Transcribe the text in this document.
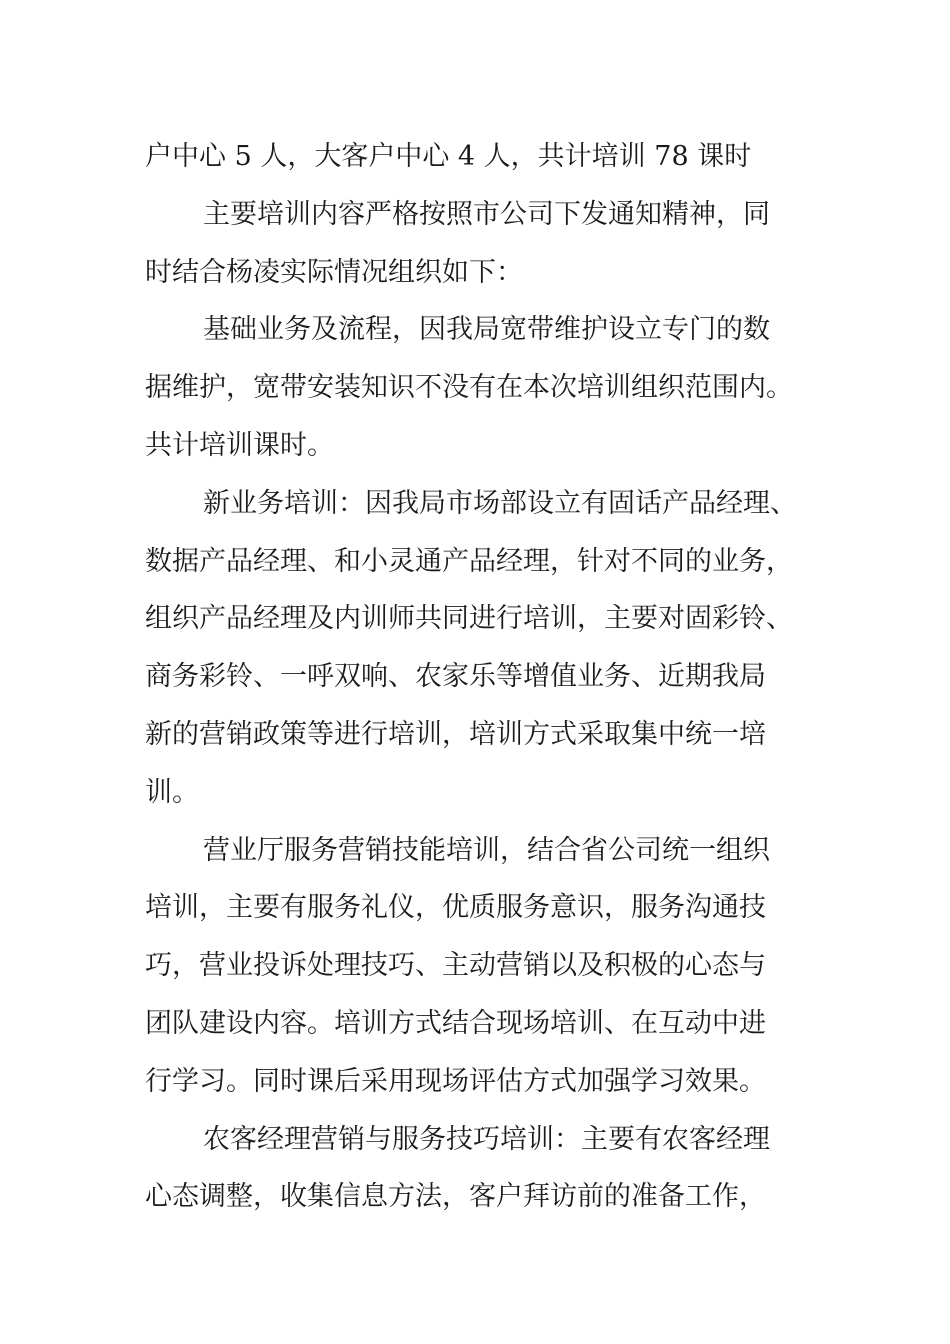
户中心 5 人，大客户中心 4 人，共计培训 78 课时
主要培训内容严格按照市公司下发通知精神，同
时结合杨凌实际情况组织如下：
基础业务及流程，因我局宽带维护设立专门的数
据维护，宽带安装知识不没有在本次培训组织范围内。
共计培训课时。
新业务培训：因我局市场部设立有固话产品经理、
数据产品经理、和小灵通产品经理，针对不同的业务，
组织产品经理及内训师共同进行培训，主要对固彩铃、
商务彩铃、一呼双响、农家乐等增值业务、近期我局
新的营销政策等进行培训，培训方式采取集中统一培
训。
营业厅服务营销技能培训，结合省公司统一组织
培训，主要有服务礼仪，优质服务意识，服务沟通技
巧，营业投诉处理技巧、主动营销以及积极的心态与
团队建设内容。培训方式结合现场培训、在互动中进
行学习。同时课后采用现场评估方式加强学习效果。
农客经理营销与服务技巧培训：主要有农客经理
心态调整，收集信息方法，客户拜访前的准备工作，
